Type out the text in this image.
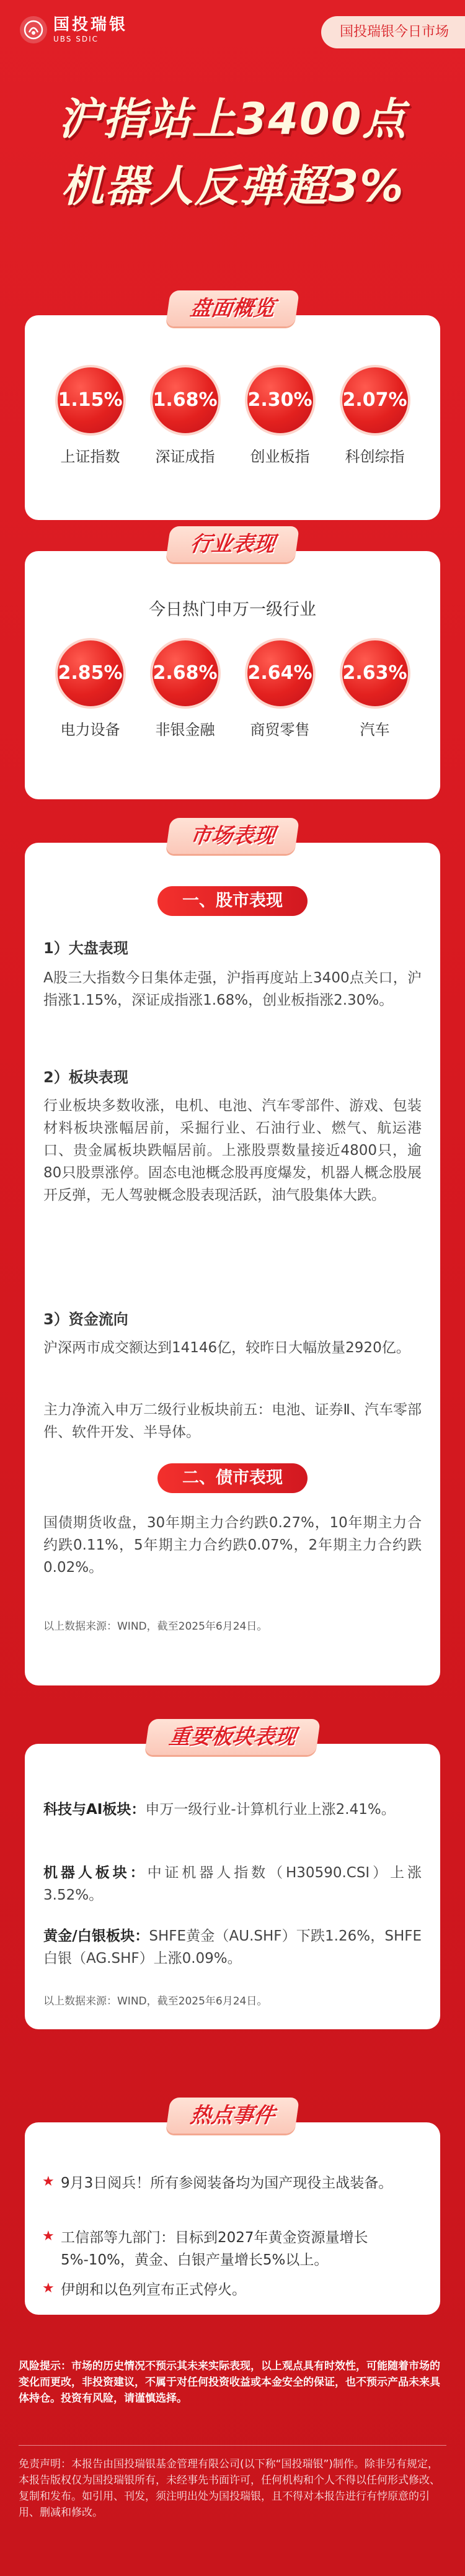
国投瑞银
UBS SDIC	国投瑞银今日市场
沪指站上3400点
机器人反弹超3%
1.15%
上证指数
1.68%
深证成指
2.30%
创业板指
2.07%
科创综指
盘面概览
今日热门申万一级行业
2.85%
电力设备
2.68%
非银金融
2.64%
商贸零售
2.63%
汽车
行业表现
一、股市表现
1）大盘表现
A股三大指数今日集体走强，沪指再度站上3400点关口，沪指涨1.15%，深证成指涨1.68%，创业板指涨2.30%。
2）板块表现
行业板块多数收涨，电机、电池、汽车零部件、游戏、包装材料板块涨幅居前，采掘行业、石油行业、燃气、航运港口、贵金属板块跌幅居前。上涨股票数量接近4800只，逾80只股票涨停。固态电池概念股再度爆发，机器人概念股展开反弹，无人驾驶概念股表现活跃，油气股集体大跌。
3）资金流向
沪深两市成交额达到14146亿，较昨日大幅放量2920亿。
主力净流入申万二级行业板块前五：电池、证券Ⅱ、汽车零部件、软件开发、半导体。
二、债市表现
国债期货收盘，30年期主力合约跌0.27%，10年期主力合约跌0.11%，5年期主力合约跌0.07%，2年期主力合约跌0.02%。
以上数据来源：WIND，截至2025年6月24日。
市场表现
科技与AI板块：申万一级行业-计算机行业上涨2.41%。
机器人板块：中证机器人指数（H30590.CSI）上涨3.52%。
黄金/白银板块：SHFE黄金（AU.SHF）下跌1.26%，SHFE白银（AG.SHF）上涨0.09%。
以上数据来源：WIND，截至2025年6月24日。
重要板块表现
★ 9月3日阅兵！所有参阅装备均为国产现役主战装备。
★ 工信部等九部门：目标到2027年黄金资源量增长5%-10%，黄金、白银产量增长5%以上。
★ 伊朗和以色列宣布正式停火。
热点事件
风险提示：市场的历史情况不预示其未来实际表现，以上观点具有时效性，可能随着市场的变化而更改，非投资建议，不属于对任何投资收益或本金安全的保证，也不预示产品未来具体持仓。投资有风险，请谨慎选择。
免责声明：本报告由国投瑞银基金管理有限公司(以下称“国投瑞银”)制作。除非另有规定，本报告版权仅为国投瑞银所有，未经事先书面许可，任何机构和个人不得以任何形式修改、复制和发布。如引用、刊发，须注明出处为国投瑞银，且不得对本报告进行有悖原意的引用、删减和修改。
